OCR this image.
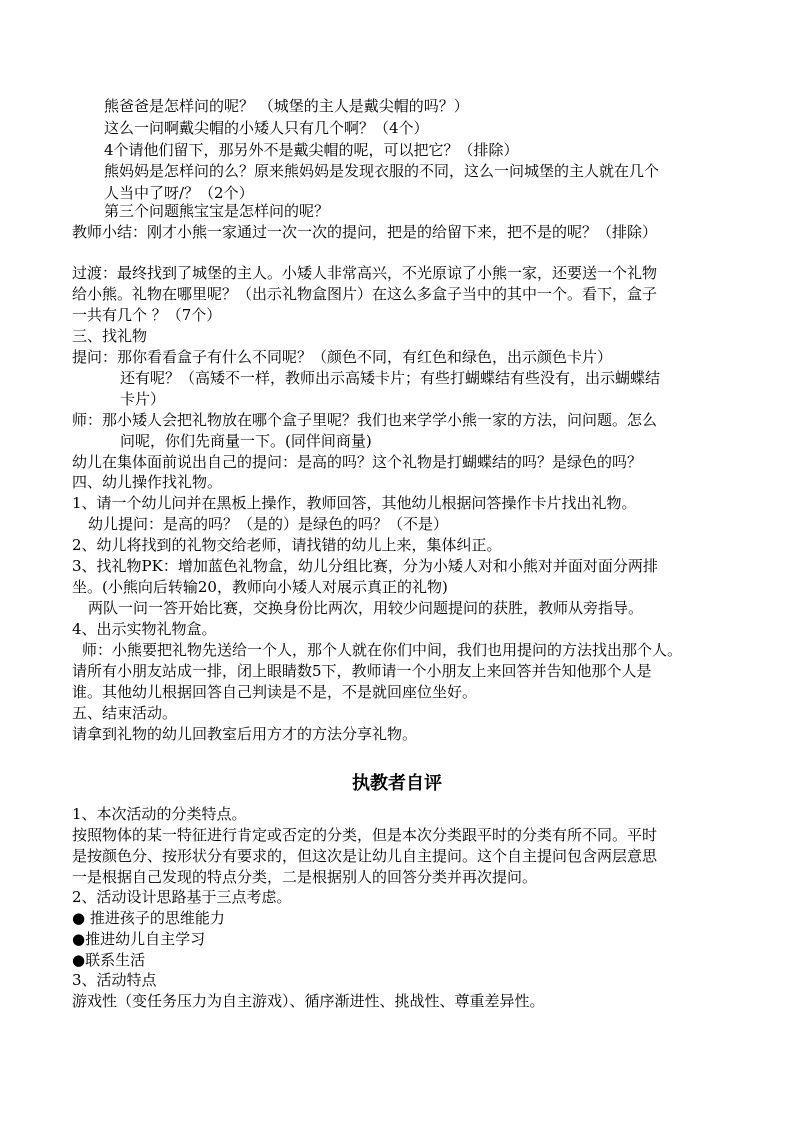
熊爸爸是怎样问的呢？ （城堡的主人是戴尖帽的吗？）
这么一问啊戴尖帽的小矮人只有几个啊？（4个）
4个请他们留下，那另外不是戴尖帽的呢，可以把它？（排除）
熊妈妈是怎样问的么？原来熊妈妈是发现衣服的不同，这么一问城堡的主人就在几个
人当中了呀/？（2个）
第三个问题熊宝宝是怎样问的呢？
教师小结：刚才小熊一家通过一次一次的提问，把是的给留下来，把不是的呢？（排除）
过渡：最终找到了城堡的主人。小矮人非常高兴，不光原谅了小熊一家，还要送一个礼物
给小熊。礼物在哪里呢？（出示礼物盒图片）在这么多盒子当中的其中一个。看下，盒子
一共有几个 ？（7个）
三、找礼物
提问：那你看看盒子有什么不同呢？（颜色不同，有红色和绿色，出示颜色卡片）
还有呢？（高矮不一样，教师出示高矮卡片；有些打蝴蝶结有些没有，出示蝴蝶结
卡片）
师：那小矮人会把礼物放在哪个盒子里呢？我们也来学学小熊一家的方法，问问题。怎么
问呢，你们先商量一下。(同伴间商量)
幼儿在集体面前说出自己的提问：是高的吗？这个礼物是打蝴蝶结的吗？是绿色的吗？
四、幼儿操作找礼物。
1、请一个幼儿问并在黑板上操作，教师回答，其他幼儿根据问答操作卡片找出礼物。
幼儿提问：是高的吗？（是的）是绿色的吗？（不是）
2、幼儿将找到的礼物交给老师，请找错的幼儿上来，集体纠正。
3、找礼物PK：增加蓝色礼物盒，幼儿分组比赛，分为小矮人对和小熊对并面对面分两排
坐。(小熊向后转输20，教师向小矮人对展示真正的礼物)
两队一问一答开始比赛，交换身份比两次，用较少问题提问的获胜，教师从旁指导。
4、出示实物礼物盒。
师：小熊要把礼物先送给一个人，那个人就在你们中间，我们也用提问的方法找出那个人。
请所有小朋友站成一排，闭上眼睛数5下，教师请一个小朋友上来回答并告知他那个人是
谁。其他幼儿根据回答自己判读是不是，不是就回座位坐好。
五、结束活动。
请拿到礼物的幼儿回教室后用方才的方法分享礼物。
执教者自评
1、本次活动的分类特点。
按照物体的某一特征进行肯定或否定的分类，但是本次分类跟平时的分类有所不同。平时
是按颜色分、按形状分有要求的，但这次是让幼儿自主提问。这个自主提问包含两层意思
一是根据自己发现的特点分类，二是根据别人的回答分类并再次提问。
2、活动设计思路基于三点考虑。
● 推进孩子的思维能力
●推进幼儿自主学习
●联系生活
3、活动特点
游戏性（变任务压力为自主游戏）、循序渐进性、挑战性、尊重差异性。
